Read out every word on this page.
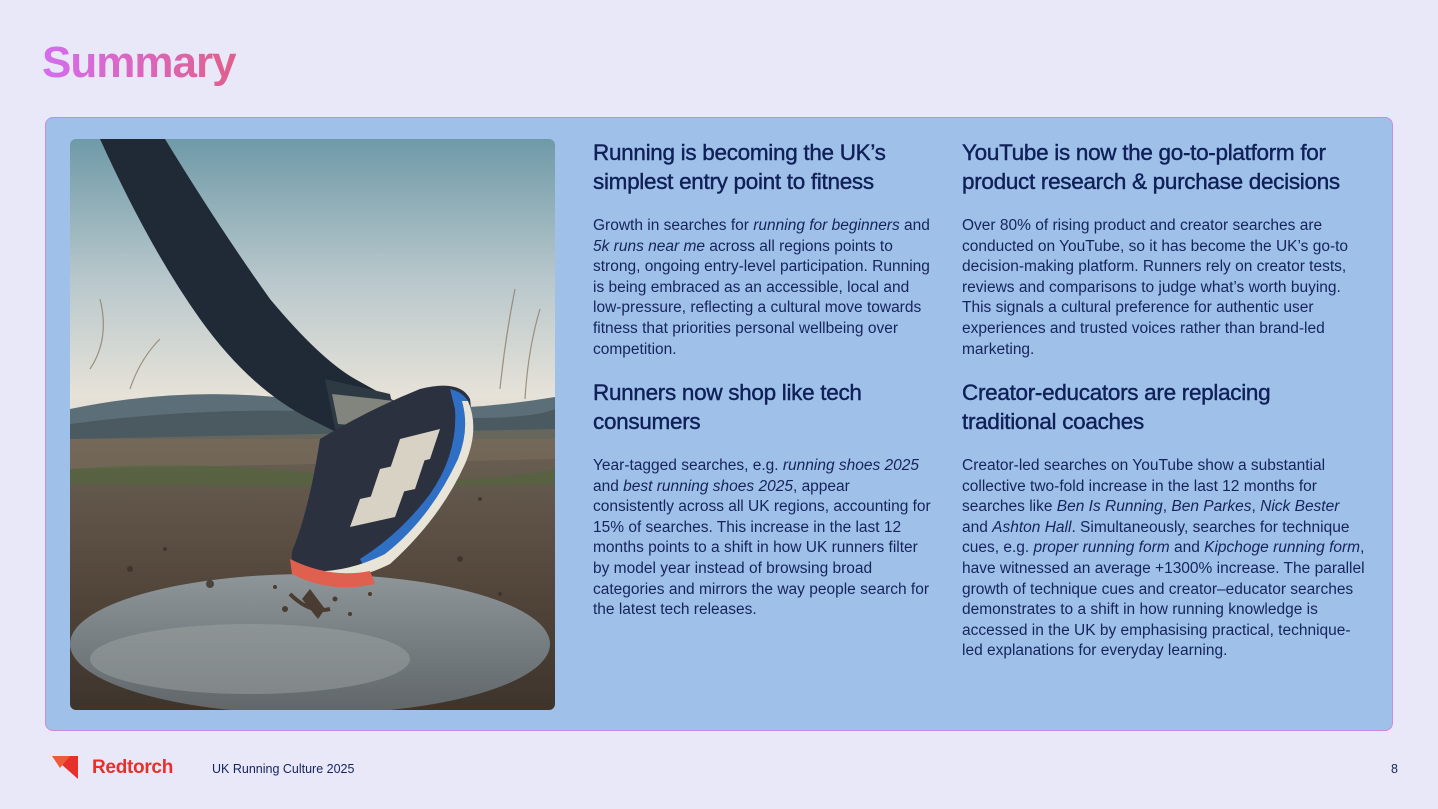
Summary
Running is becoming the UK’s simplest entry point to fitness

Growth in searches for running for beginners and 5k runs near me across all regions points to strong, ongoing entry-level participation. Running is being embraced as an accessible, local and low-pressure, reflecting a cultural move towards fitness that priorities personal wellbeing over competition.

Runners now shop like tech consumers

Year-tagged searches, e.g. running shoes 2025 and best running shoes 2025, appear consistently across all UK regions, accounting for 15% of searches. This increase in the last 12 months points to a shift in how UK runners filter by model year instead of browsing broad categories and mirrors the way people search for the latest tech releases.

YouTube is now the go-to-platform for product research & purchase decisions

Over 80% of rising product and creator searches are conducted on YouTube, so it has become the UK’s go-to decision-making platform. Runners rely on creator tests, reviews and comparisons to judge what’s worth buying. This signals a cultural preference for authentic user experiences and trusted voices rather than brand-led marketing.

Creator-educators are replacing traditional coaches

Creator-led searches on YouTube show a substantial collective two-fold increase in the last 12 months for searches like Ben Is Running, Ben Parkes, Nick Bester and Ashton Hall. Simultaneously, searches for technique cues, e.g. proper running form and Kipchoge running form, have witnessed an average +1300% increase. The parallel growth of technique cues and creator–educator searches demonstrates to a shift in how running knowledge is accessed in the UK by emphasising practical, technique-led explanations for everyday learning.

Redtorch	UK Running Culture 2025	8
